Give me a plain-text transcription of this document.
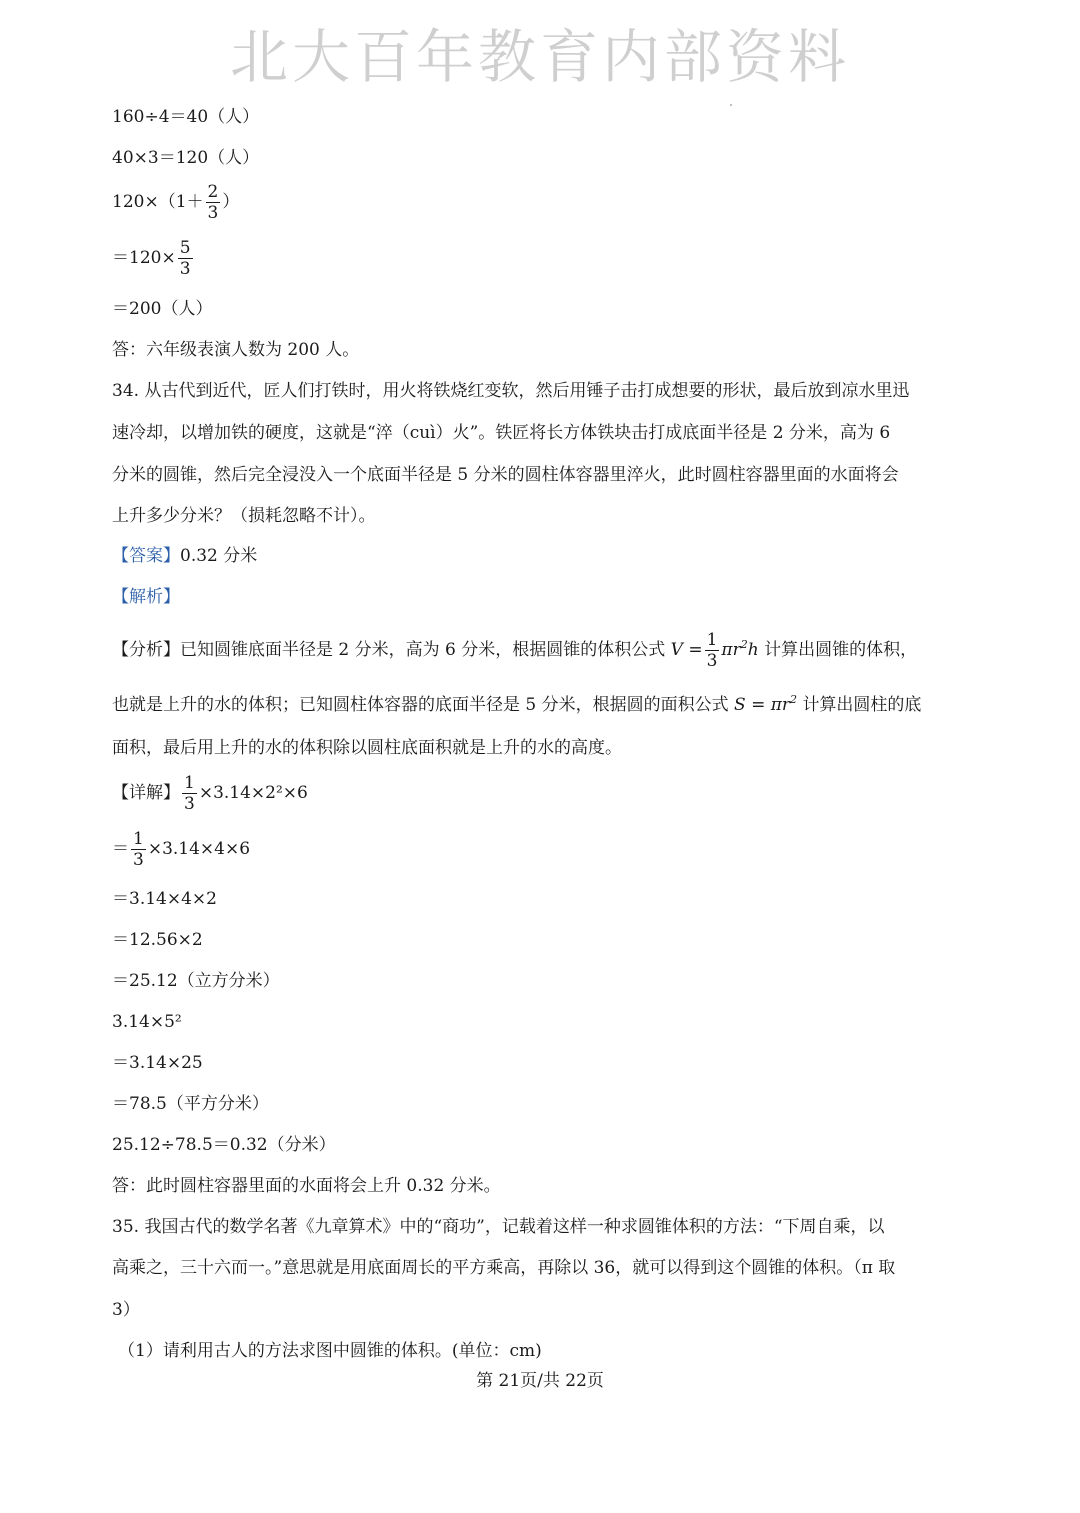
北大百年教育内部资料
160÷4＝40（人）
40×3＝120（人）
$120\times(1+ \frac{2}{3}$ ）
$=120\times \frac{5}{3}$
＝200（人）
答：六年级表演人数为 200 人。
34. 从古代到近代，匠人们打铁时，用火将铁烧红变软，然后用锤子击打成想要的形状，最后放到凉水里迅
速冷却，以增加铁的硬度，这就是“淬（cuì）火”。铁匠将长方体铁块击打成底面半径是 2 分米，高为 6
分米的圆锥，然后完全浸没入一个底面半径是 5 分米的圆柱体容器里淬火，此时圆柱容器里面的水面将会
上升多少分米？（损耗忽略不计）。
【答案】0.32 分米
【解析】
【分析】已知圆锥底面半径是 2 分米，高为 6 分米，根据圆锥的体积公式 $V = \frac{1}{3} \pi r^2h$ 计算出圆锥的体积，
也就是上升的水的体积；已知圆柱体容器的底面半径是 5 分米，根据圆的面积公式 $S = \pi r^2$ 计算出圆柱的底
面积，最后用上升的水的体积除以圆柱底面积就是上升的水的高度。
【详解】 $\frac{1}{3} \times 3.14\times 2^2\times 6$
＝ $\frac{1}{3} \times 3.14\times 4\times 6$
＝3.14×4×2
＝12.56×2
＝25.12（立方分米）
3.14×5²
＝3.14×25
＝78.5（平方分米）
25.12÷78.5＝0.32（分米）
答：此时圆柱容器里面的水面将会上升 0.32 分米。
35. 我国古代的数学名著《九章算术》中的“商功”，记载着这样一种求圆锥体积的方法：“下周自乘，以
高乘之，三十六而一。”意思就是用底面周长的平方乘高，再除以 36，就可以得到这个圆锥的体积。（π 取
3）
（1）请利用古人的方法求图中圆锥的体积。(单位：cm)
第 21页/共 22页
